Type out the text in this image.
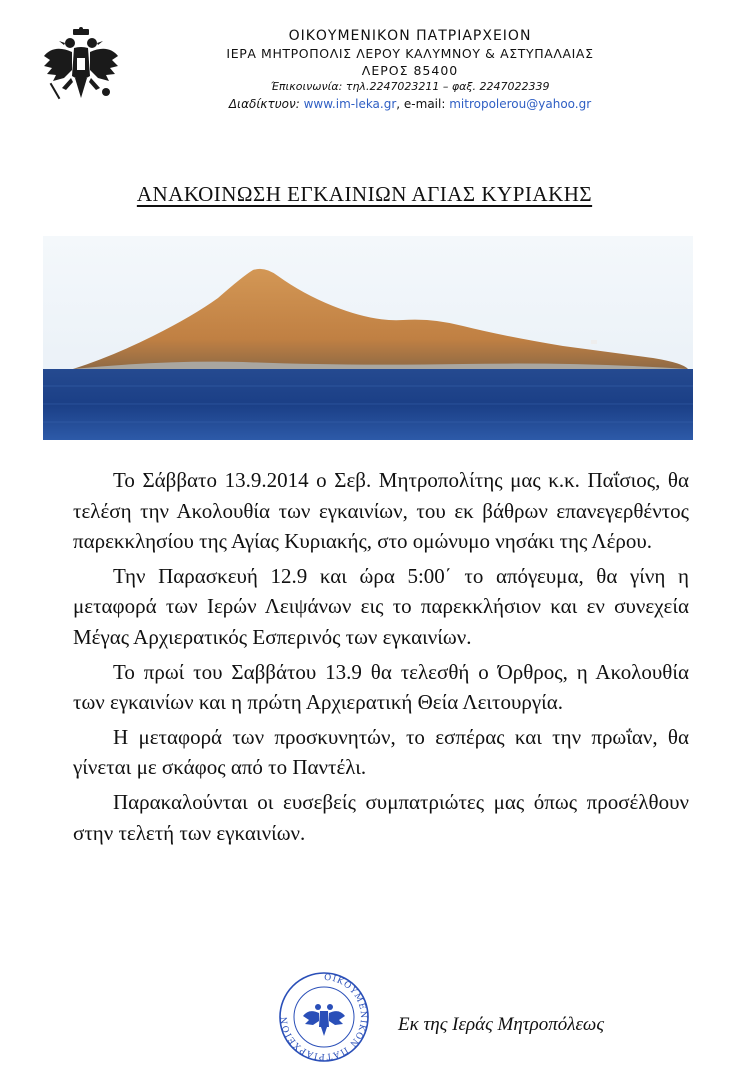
ΟΙΚΟΥΜΕΝΙΚΟΝ ΠΑΤΡΙΑΡΧΕΙΟΝ
ΙΕΡΑ ΜΗΤΡΟΠΟΛΙΣ ΛΕΡΟΥ ΚΑΛΥΜΝΟΥ & ΑΣΤΥΠΑΛΑΙΑΣ
ΛΕΡΟΣ 85400
Έπικοινωνία: τηλ.2247023211 – φαξ. 2247022339
Διαδίκτυον: www.im-leka.gr, e-mail: mitropolerou@yahoo.gr
ΑΝΑΚΟΙΝΩΣΗ ΕΓΚΑΙΝΙΩΝ ΑΓΙΑΣ ΚΥΡΙΑΚΗΣ

Το Σάββατο 13.9.2014 ο Σεβ. Μητροπολίτης μας κ.κ. Παΐσιος, θα τελέση την Ακολουθία των εγκαινίων, του εκ βάθρων επανεγερθέντος παρεκκλησίου της Αγίας Κυριακής, στο ομώνυμο νησάκι της Λέρου.

Την Παρασκευή 12.9 και ώρα 5:00΄ το απόγευμα, θα γίνη η μεταφορά των Ιερών Λειψάνων εις το παρεκκλήσιον και εν συνεχεία Μέγας Αρχιερατικός Εσπερινός των εγκαινίων.

Το πρωί του Σαββάτου 13.9 θα τελεσθή ο Όρθρος, η Ακολουθία των εγκαινίων και η πρώτη Αρχιερατική Θεία Λειτουργία.

Η μεταφορά των προσκυνητών, το εσπέρας και την πρωΐαν, θα γίνεται με σκάφος από το Παντέλι.

Παρακαλούνται οι ευσεβείς συμπατριώτες μας όπως προσέλθουν στην τελετή των εγκαινίων.

ΟΙΚΟΥΜΕΝΙΚΟΝ ΠΑΤΡΙΑΡΧΕΙΟΝ	Εκ της Ιεράς Μητροπόλεως
